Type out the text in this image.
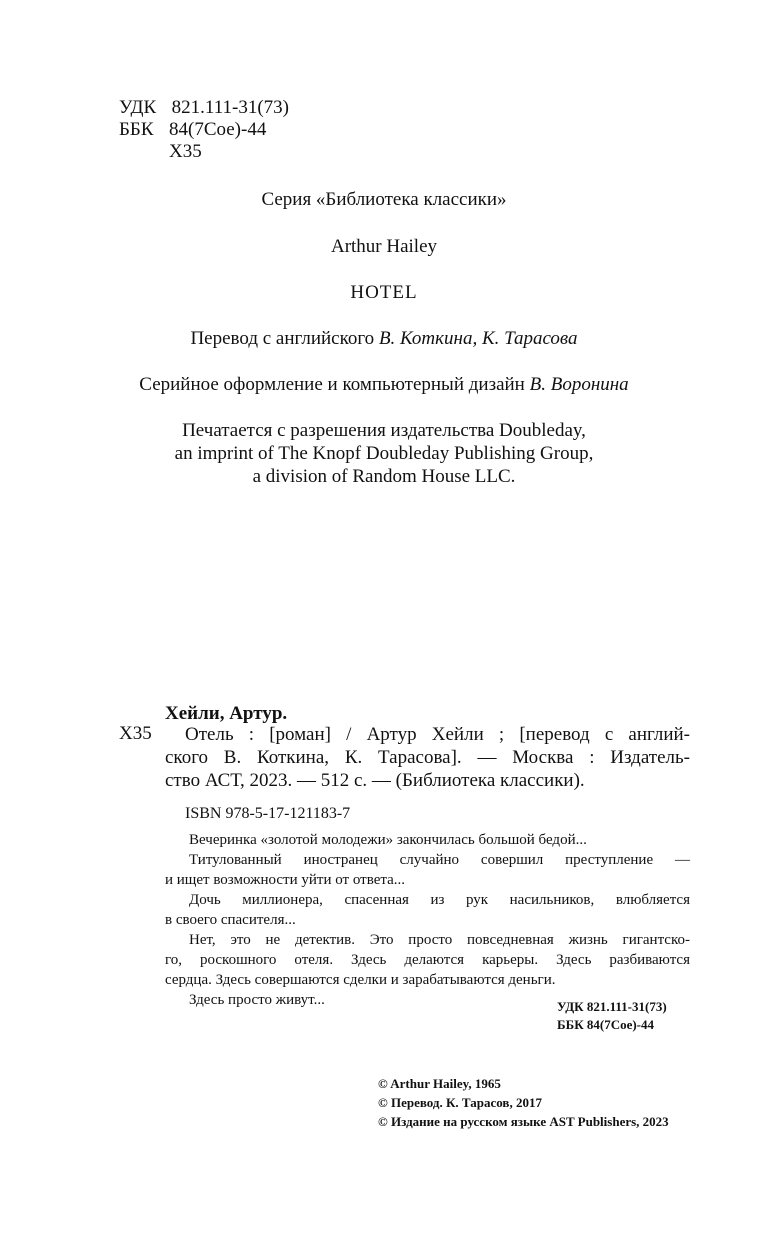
УДК 821.111-31(73)
ББК 84(7Сое)-44
Х35
Серия «Библиотека классики»
Arthur Hailey
HOTEL
Перевод с английского В. Коткина, К. Тарасова
Серийное оформление и компьютерный дизайн В. Воронина
Печатается с разрешения издательства Doubleday,
an imprint of The Knopf Doubleday Publishing Group,
a division of Random House LLC.
Хейли, Артур.
Х35	Отель : [роман] / Артур Хейли ; [перевод с англий-
ского В. Коткина, К. Тарасова]. — Москва : Издатель-
ство АСТ, 2023. — 512 с. — (Библиотека классики).
ISBN 978-5-17-121183-7

Вечеринка «золотой молодежи» закончилась большой бедой...

Титулованный иностранец случайно совершил преступление —

и ищет возможности уйти от ответа...

Дочь миллионера, спасенная из рук насильников, влюбляется

в своего спасителя...

Нет, это не детектив. Это просто повседневная жизнь гигантско-

го, роскошного отеля. Здесь делаются карьеры. Здесь разбиваются

сердца. Здесь совершаются сделки и зарабатываются деньги.

Здесь просто живут...	УДК 821.111-31(73)
ББК 84(7Сое)-44
© Arthur Hailey, 1965
© Перевод. К. Тарасов, 2017
© Издание на русском языке AST Publishers, 2023
